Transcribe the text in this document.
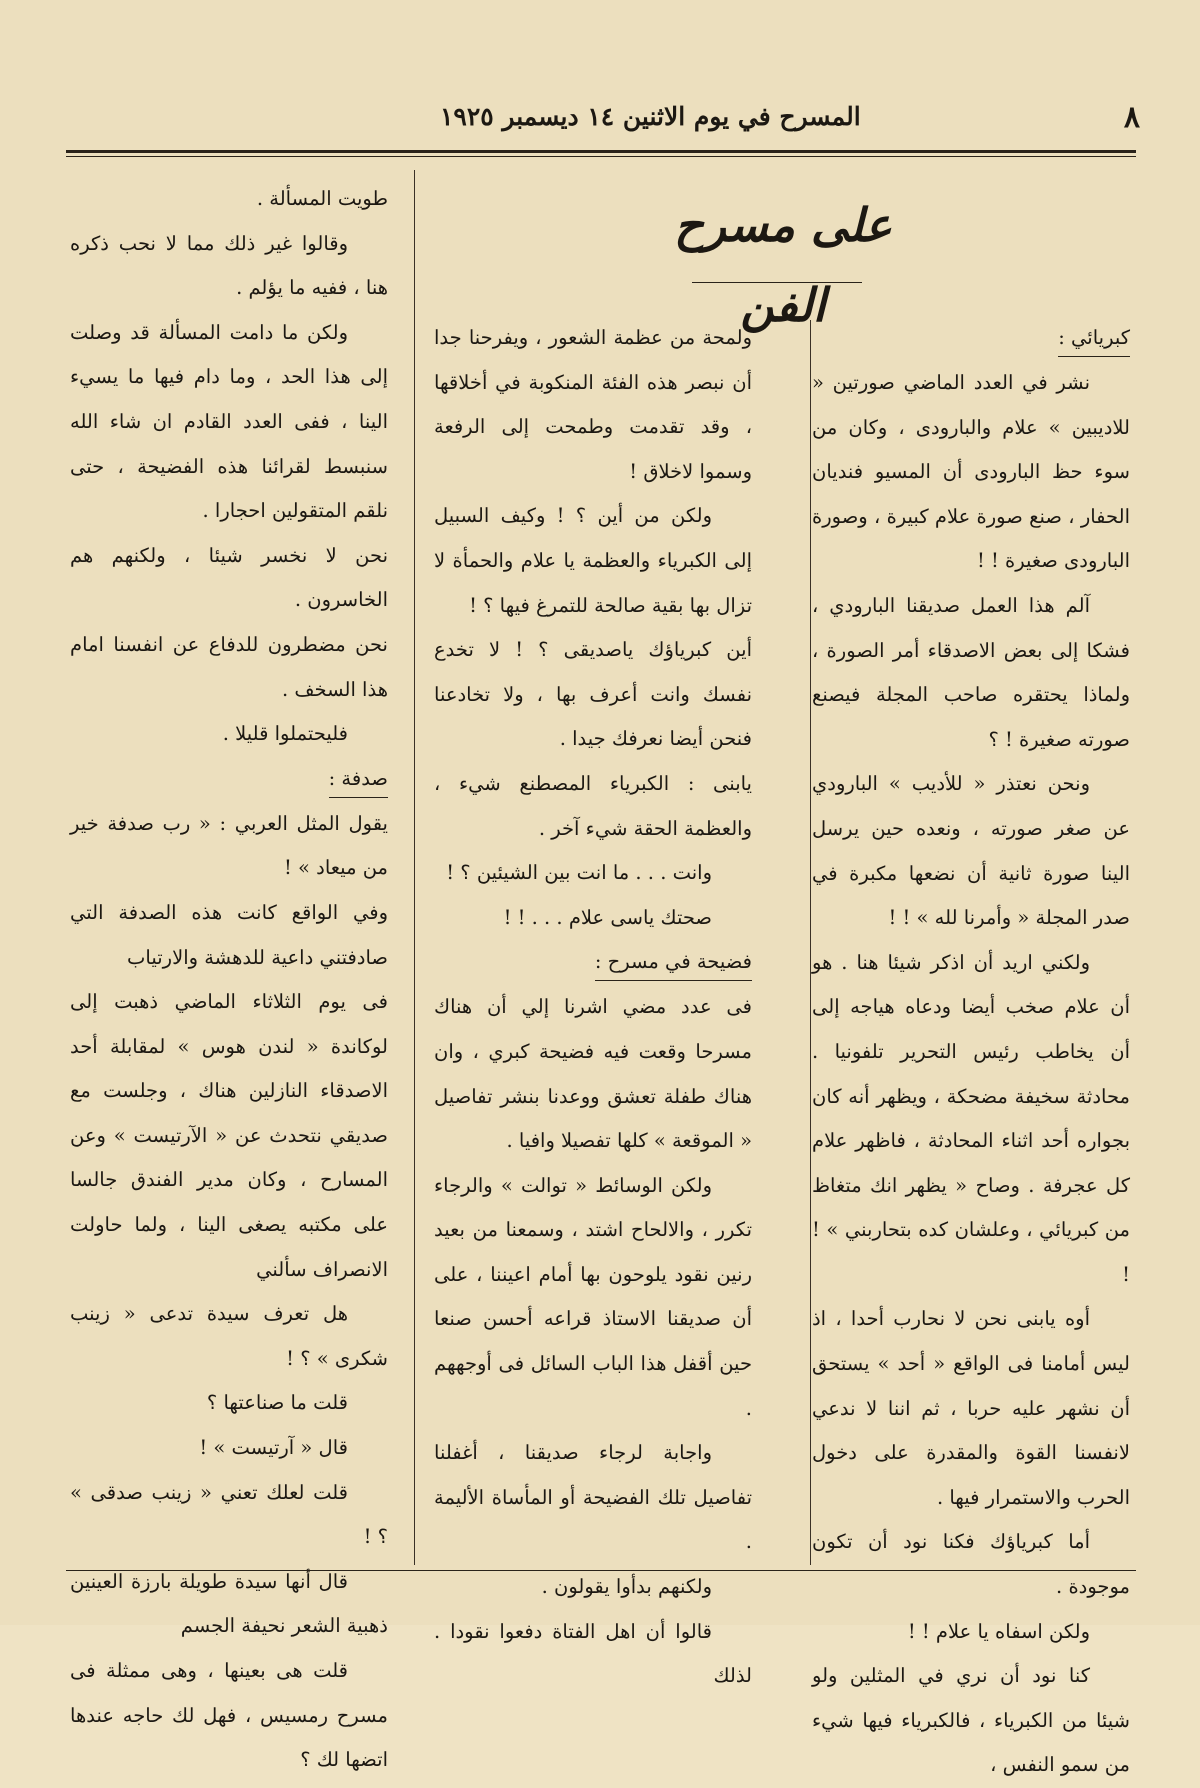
٨
المسرح في يوم الاثنين ١٤ ديسمبر ١٩٢٥
على مسرح الفن
كبريائي :

نشر في العدد الماضي صورتين « للاديبين » علام والبارودى ، وكان من سوء حظ البارودى أن المسيو فنديان الحفار ، صنع صورة علام كبيرة ، وصورة البارودى صغيرة ! !

آلم هذا العمل صديقنا البارودي ، فشكا إلى بعض الاصدقاء أمر الصورة ، ولماذا يحتقره صاحب المجلة فيصنع صورته صغيرة ! ؟

ونحن نعتذر « للأديب » البارودي عن صغر صورته ، ونعده حين يرسل الينا صورة ثانية أن نضعها مكبرة في صدر المجلة « وأمرنا لله » ! !

ولكني اريد أن اذكر شيئا هنا . هو أن علام صخب أيضا ودعاه هياجه إلى أن يخاطب رئيس التحرير تلفونيا . محادثة سخيفة مضحكة ، ويظهر أنه كان بجواره أحد اثناء المحادثة ، فاظهر علام كل عجرفة . وصاح « يظهر انك متغاظ من كبريائي ، وعلشان كده بتحاربني » ! !

أوه يابنى نحن لا نحارب أحدا ، اذ ليس أمامنا فى الواقع « أحد » يستحق أن نشهر عليه حربا ، ثم اننا لا ندعي لانفسنا القوة والمقدرة على دخول الحرب والاستمرار فيها .

أما كبرياؤك فكنا نود أن تكون موجودة .

ولكن اسفاه يا علام ! !

كنا نود أن نري في المثلين ولو شيئا من الكبرياء ، فالكبرياء فيها شيء من سمو النفس ،

ولمحة من عظمة الشعور ، ويفرحنا جدا أن نبصر هذه الفئة المنكوبة في أخلاقها ، وقد تقدمت وطمحت إلى الرفعة وسموا لاخلاق !

ولكن من أين ؟ ! وكيف السبيل إلى الكبرياء والعظمة يا علام والحمأة لا تزال بها بقية صالحة للتمرغ فيها ؟ !

أين كبرياؤك ياصديقى ؟ ! لا تخدع نفسك وانت أعرف بها ، ولا تخادعنا فنحن أيضا نعرفك جيدا .

يابنى : الكبرياء المصطنع شيء ، والعظمة الحقة شيء آخر .

وانت . . . ما انت بين الشيئين ؟ !

صحتك ياسى علام . . . ! !

فضيحة في مسرح :

فى عدد مضي اشرنا إلي أن هناك مسرحا وقعت فيه فضيحة كبري ، وان هناك طفلة تعشق ووعدنا بنشر تفاصيل « الموقعة » كلها تفصيلا وافيا .

ولكن الوسائط « توالت » والرجاء تكرر ، والالحاح اشتد ، وسمعنا من بعيد رنين نقود يلوحون بها أمام اعيننا ، على أن صديقنا الاستاذ قراعه أحسن صنعا حين أقفل هذا الباب السائل فى أوجههم .

واجابة لرجاء صديقنا ، أغفلنا تفاصيل تلك الفضيحة أو المأساة الأليمة .

ولكنهم بدأوا يقولون .

قالوا أن اهل الفتاة دفعوا نقودا . لذلك

طويت المسألة .

وقالوا غير ذلك مما لا نحب ذكره هنا ، ففيه ما يؤلم .

ولكن ما دامت المسألة قد وصلت إلى هذا الحد ، وما دام فيها ما يسيء الينا ، ففى العدد القادم ان شاء الله سنبسط لقرائنا هذه الفضيحة ، حتى نلقم المتقولين احجارا .

نحن لا نخسر شيئا ، ولكنهم هم الخاسرون .

نحن مضطرون للدفاع عن انفسنا امام هذا السخف .

فليحتملوا قليلا .

صدفة :

يقول المثل العربي : « رب صدفة خير من ميعاد » !

وفي الواقع كانت هذه الصدفة التي صادفتني داعية للدهشة والارتياب

فى يوم الثلاثاء الماضي ذهبت إلى لوكاندة « لندن هوس » لمقابلة أحد الاصدقاء النازلين هناك ، وجلست مع صديقي نتحدث عن « الآرتيست » وعن المسارح ، وكان مدير الفندق جالسا على مكتبه يصغى الينا ، ولما حاولت الانصراف سألني

هل تعرف سيدة تدعى « زينب شكرى » ؟ !

قلت ما صناعتها ؟

قال « آرتيست » !

قلت لعلك تعني « زينب صدقى » ؟ !

قال أنها سيدة طويلة بارزة العينين ذهبية الشعر نحيفة الجسم

قلت هى بعينها ، وهى ممثلة فى مسرح رمسيس ، فهل لك حاجه عندها اتضها لك ؟
